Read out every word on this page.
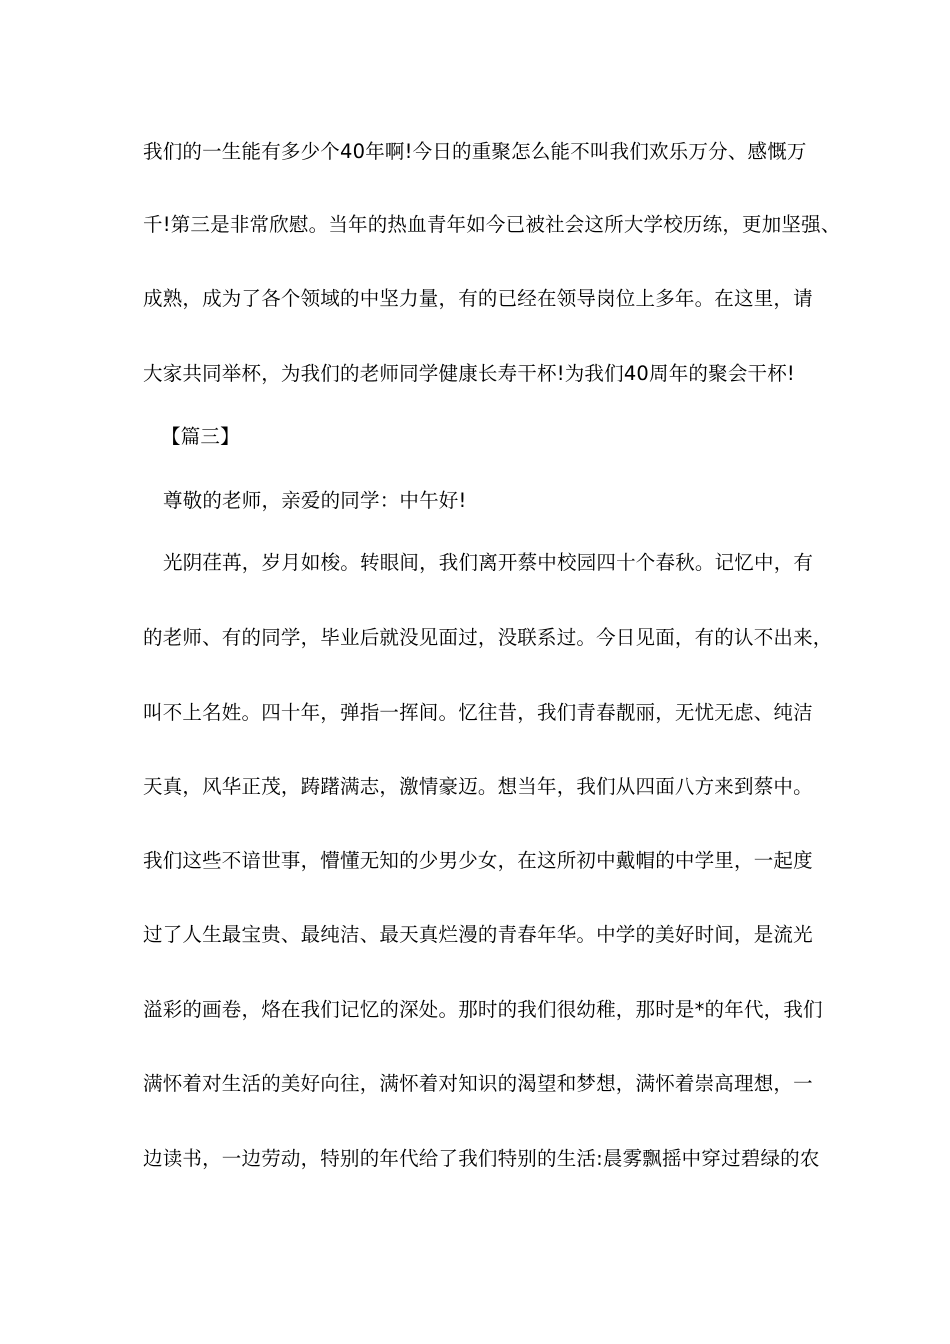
我们的一生能有多少个40年啊!今日的重聚怎么能不叫我们欢乐万分、感慨万
千!第三是非常欣慰。当年的热血青年如今已被社会这所大学校历练，更加坚强、
成熟，成为了各个领域的中坚力量，有的已经在领导岗位上多年。在这里，请
大家共同举杯，为我们的老师同学健康长寿干杯!为我们40周年的聚会干杯!
【篇三】
尊敬的老师，亲爱的同学：中午好!
光阴荏苒，岁月如梭。转眼间，我们离开蔡中校园四十个春秋。记忆中，有
的老师、有的同学，毕业后就没见面过，没联系过。今日见面，有的认不出来，
叫不上名姓。四十年，弹指一挥间。忆往昔，我们青春靓丽，无忧无虑、纯洁
天真，风华正茂，踌躇满志，激情豪迈。想当年，我们从四面八方来到蔡中。
我们这些不谙世事，懵懂无知的少男少女，在这所初中戴帽的中学里，一起度
过了人生最宝贵、最纯洁、最天真烂漫的青春年华。中学的美好时间，是流光
溢彩的画卷，烙在我们记忆的深处。那时的我们很幼稚，那时是*的年代，我们
满怀着对生活的美好向往，满怀着对知识的渴望和梦想，满怀着崇高理想，一
边读书，一边劳动，特别的年代给了我们特别的生活:晨雾飘摇中穿过碧绿的农
